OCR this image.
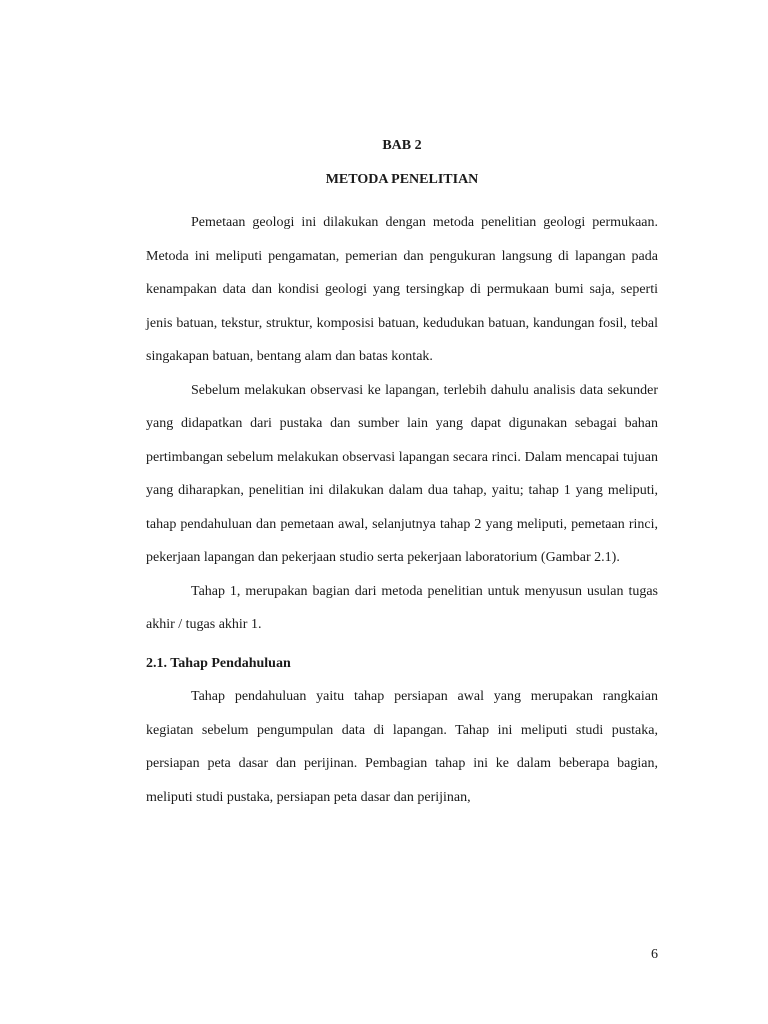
BAB 2
METODA PENELITIAN

Pemetaan geologi ini dilakukan dengan metoda penelitian geologi permukaan. Metoda ini meliputi pengamatan, pemerian dan pengukuran langsung di lapangan pada kenampakan data dan kondisi geologi yang tersingkap di permukaan bumi saja, seperti jenis batuan, tekstur, struktur, komposisi batuan, kedudukan batuan, kandungan fosil, tebal singakapan batuan, bentang alam dan batas kontak.

Sebelum melakukan observasi ke lapangan, terlebih dahulu analisis data sekunder yang didapatkan dari pustaka dan sumber lain yang dapat digunakan sebagai bahan pertimbangan sebelum melakukan observasi lapangan secara rinci. Dalam mencapai tujuan yang diharapkan, penelitian ini dilakukan dalam dua tahap, yaitu; tahap 1 yang meliputi, tahap pendahuluan dan pemetaan awal, selanjutnya tahap 2 yang meliputi, pemetaan rinci, pekerjaan lapangan dan pekerjaan studio serta pekerjaan laboratorium (Gambar 2.1).

Tahap 1, merupakan bagian dari metoda penelitian untuk menyusun usulan tugas akhir / tugas akhir 1.

2.1. Tahap Pendahuluan

Tahap pendahuluan yaitu tahap persiapan awal yang merupakan rangkaian kegiatan sebelum pengumpulan data di lapangan. Tahap ini meliputi studi pustaka, persiapan peta dasar dan perijinan. Pembagian tahap ini ke dalam beberapa bagian, meliputi studi pustaka, persiapan peta dasar dan perijinan,

6
